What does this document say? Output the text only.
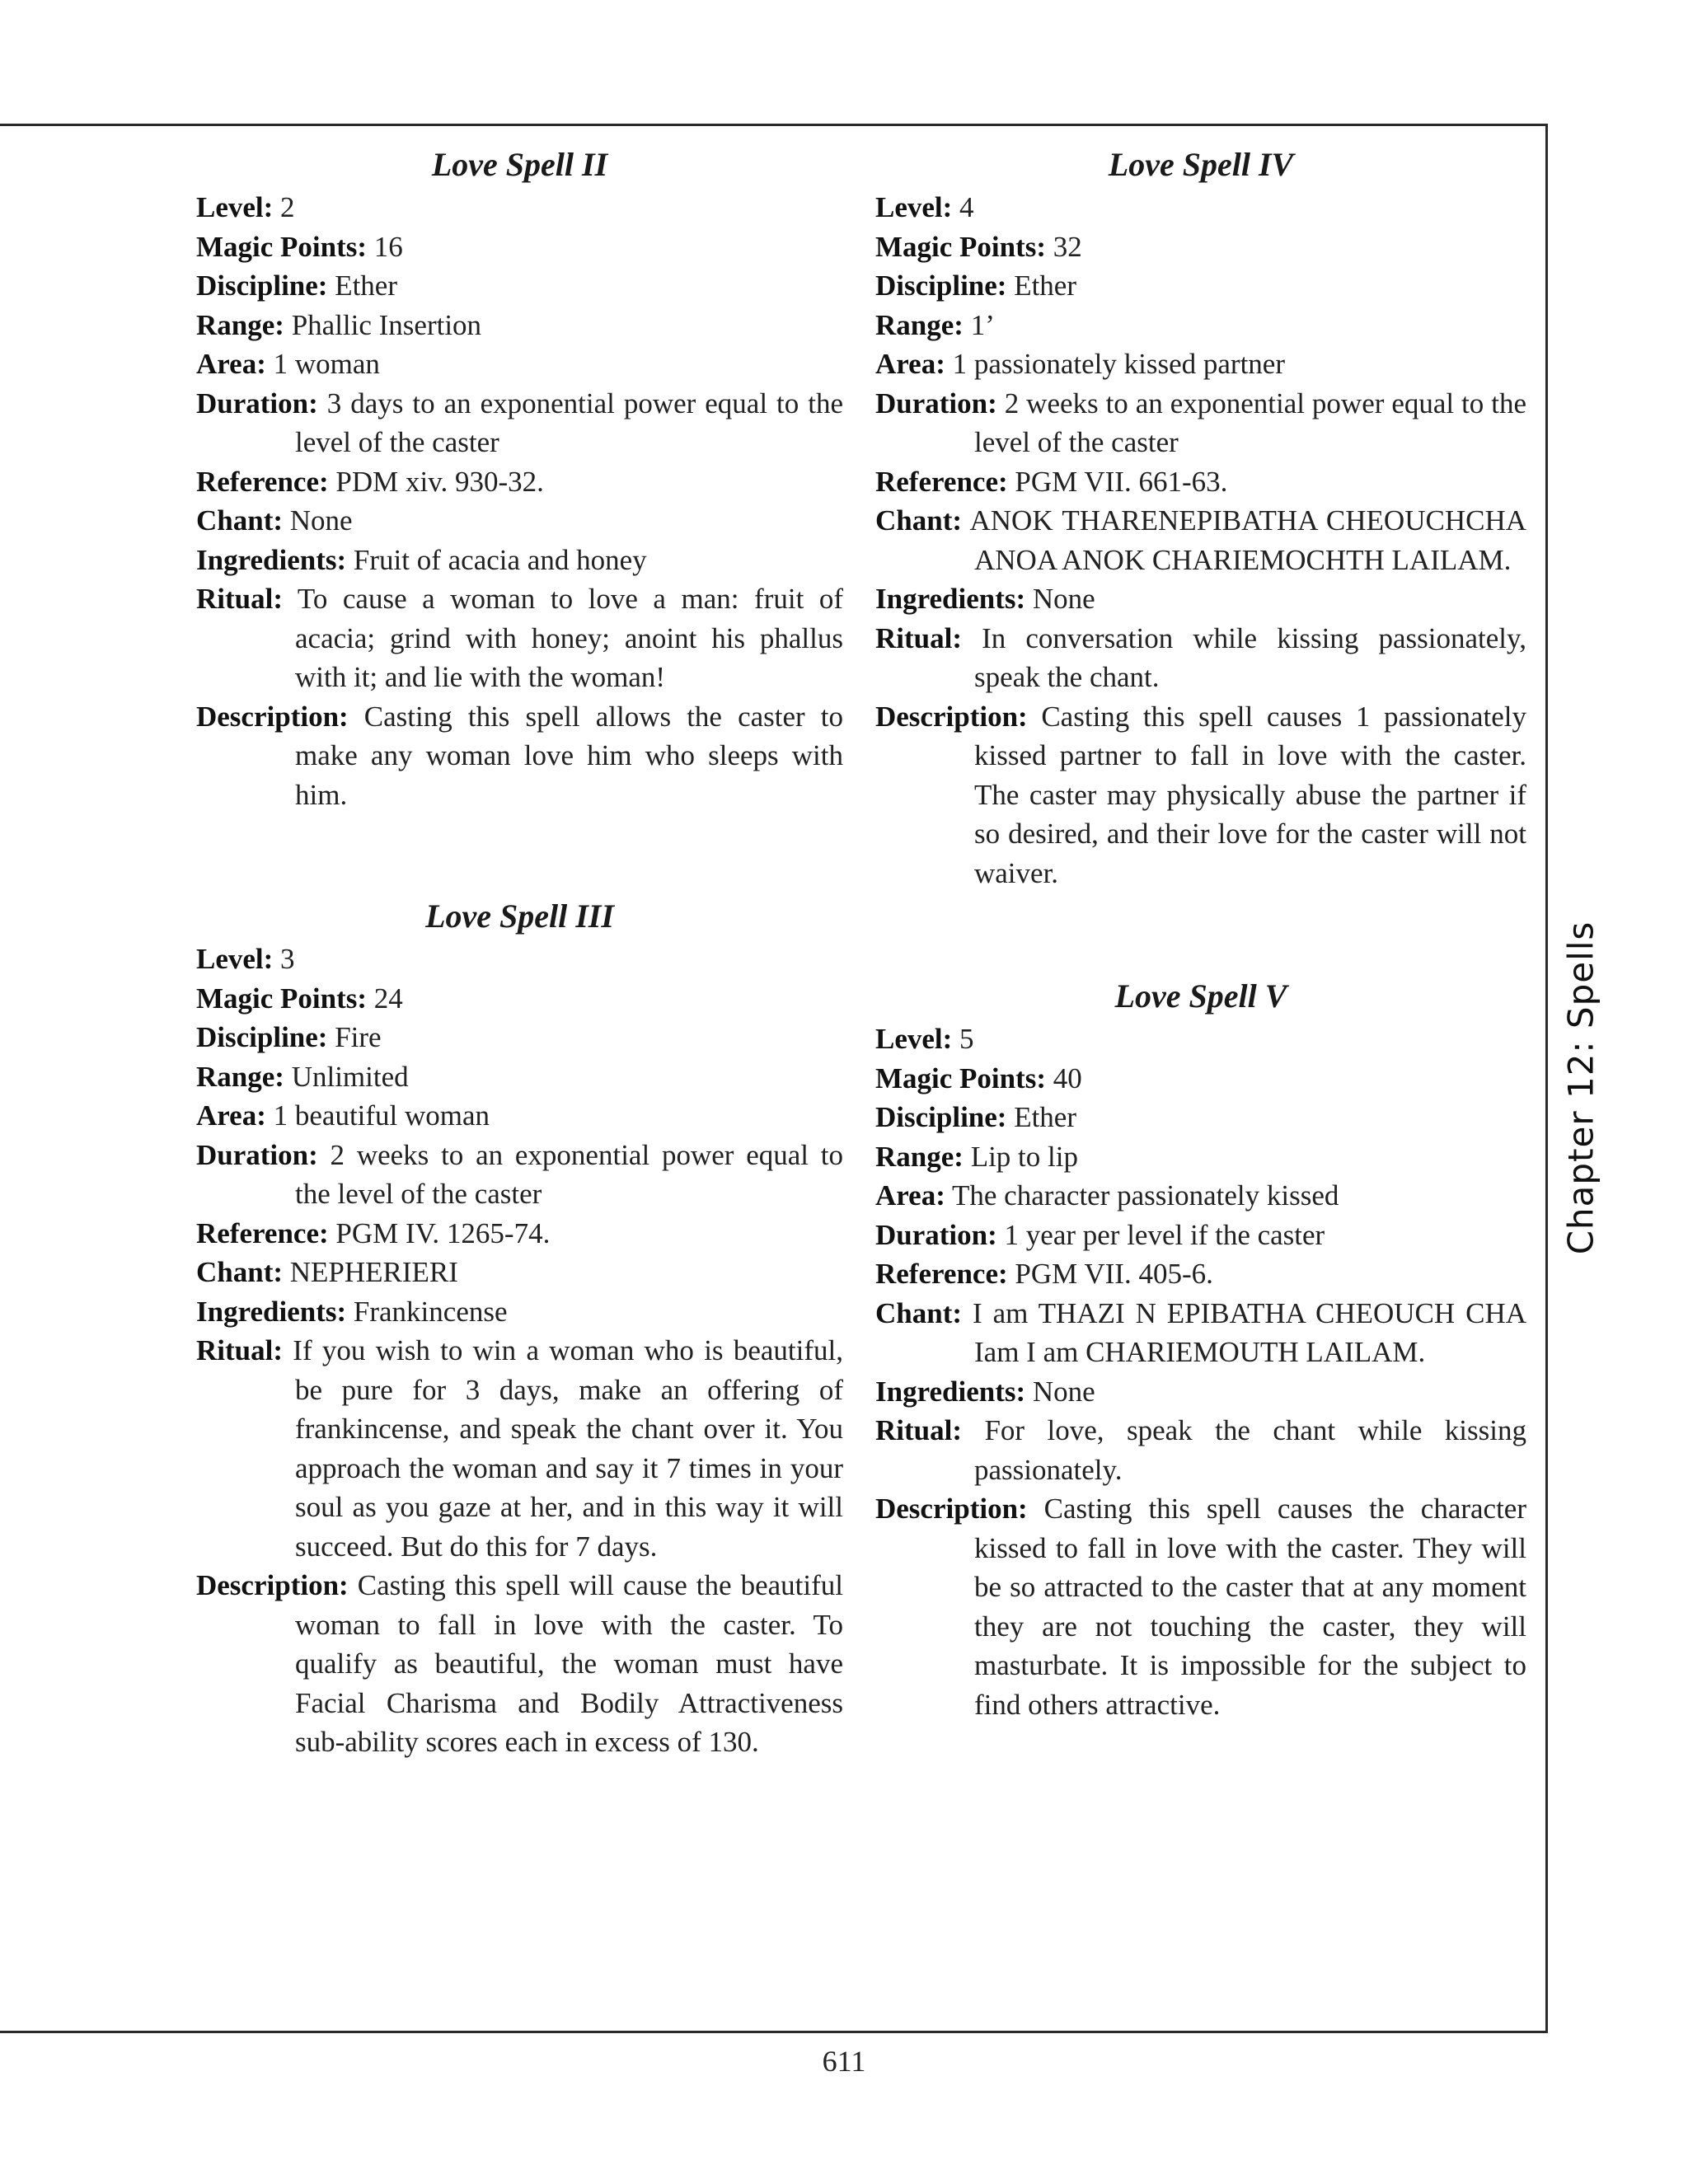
Love Spell II

Level: 2

Magic Points: 16

Discipline: Ether

Range: Phallic Insertion

Area: 1 woman

Duration: 3 days to an exponential power equal to the level of the caster

Reference: PDM xiv. 930-32.

Chant: None

Ingredients: Fruit of acacia and honey

Ritual: To cause a woman to love a man: fruit of acacia; grind with honey; anoint his phallus with it; and lie with the woman!

Description: Casting this spell allows the caster to make any woman love him who sleeps with him.

Love Spell III

Level: 3

Magic Points: 24

Discipline: Fire

Range: Unlimited

Area: 1 beautiful woman

Duration: 2 weeks to an exponential power equal to the level of the caster

Reference: PGM IV. 1265-74.

Chant: NEPHERIERI

Ingredients: Frankincense

Ritual: If you wish to win a woman who is beautiful, be pure for 3 days, make an offering of frankincense, and speak the chant over it. You approach the woman and say it 7 times in your soul as you gaze at her, and in this way it will succeed. But do this for 7 days.

Description: Casting this spell will cause the beautiful woman to fall in love with the caster. To qualify as beautiful, the woman must have Facial Charisma and Bodily Attractiveness sub-ability scores each in excess of 130.

Love Spell IV

Level: 4

Magic Points: 32

Discipline: Ether

Range: 1’

Area: 1 passionately kissed partner

Duration: 2 weeks to an exponential power equal to the level of the caster

Reference: PGM VII. 661-63.

Chant: ANOK THARENEPIBATHA CHEOUCHCHA ANOA ANOK CHARIEMOCHTH LAILAM.

Ingredients: None

Ritual: In conversation while kissing passionately, speak the chant.

Description: Casting this spell causes 1 passionately kissed partner to fall in love with the caster. The caster may physically abuse the partner if so desired, and their love for the caster will not waiver.

Love Spell V

Level: 5

Magic Points: 40

Discipline: Ether

Range: Lip to lip

Area: The character passionately kissed

Duration: 1 year per level if the caster

Reference: PGM VII. 405-6.

Chant: I am THAZI N EPIBATHA CHEOUCH CHA Iam I am CHARIEMOUTH LAILAM.

Ingredients: None

Ritual: For love, speak the chant while kissing passionately.

Description: Casting this spell causes the character kissed to fall in love with the caster. They will be so attracted to the caster that at any moment they are not touching the caster, they will masturbate. It is impossible for the subject to find others attractive.

Chapter 12: Spells
611
